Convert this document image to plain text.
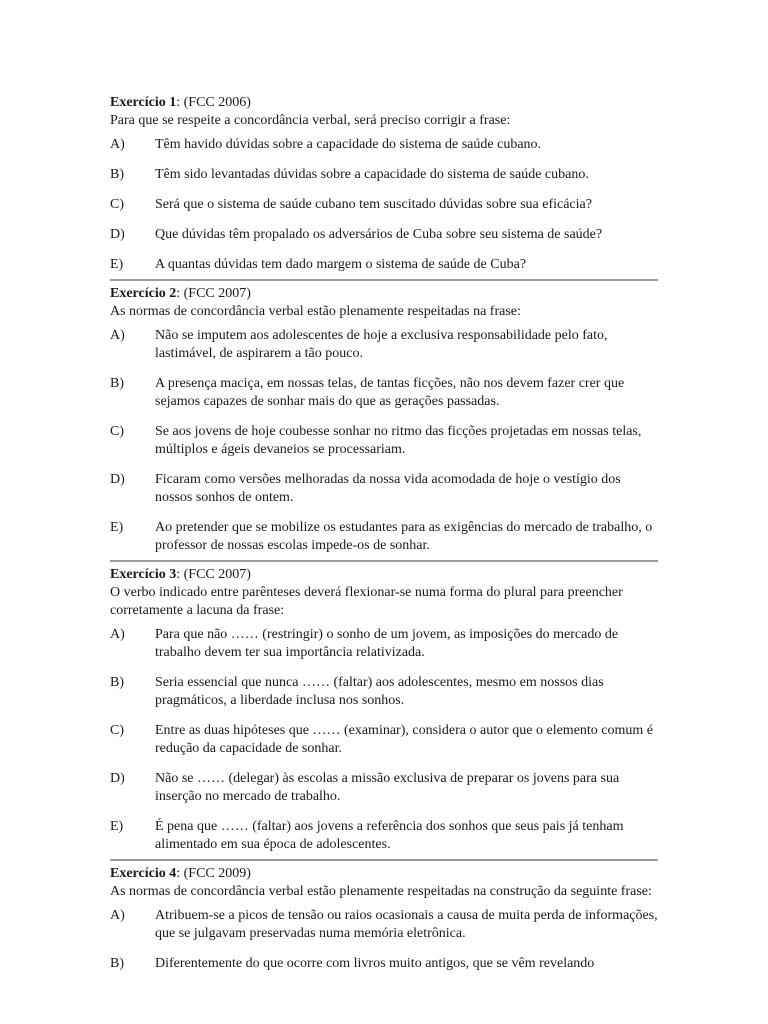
Exercício 1: (FCC 2006)
Para que se respeite a concordância verbal, será preciso corrigir a frase:
A)	Têm havido dúvidas sobre a capacidade do sistema de saúde cubano.
B)	Têm sido levantadas dúvidas sobre a capacidade do sistema de saúde cubano.
C)	Será que o sistema de saúde cubano tem suscitado dúvidas sobre sua eficácia?
D)	Que dúvidas têm propalado os adversários de Cuba sobre seu sistema de saúde?
E)	A quantas dúvidas tem dado margem o sistema de saúde de Cuba?
Exercício 2: (FCC 2007)
As normas de concordância verbal estão plenamente respeitadas na frase:
A)	Não se imputem aos adolescentes de hoje a exclusiva responsabilidade pelo fato, lastimável, de aspirarem a tão pouco.
B)	A presença maciça, em nossas telas, de tantas ficções, não nos devem fazer crer que sejamos capazes de sonhar mais do que as gerações passadas.
C)	Se aos jovens de hoje coubesse sonhar no ritmo das ficções projetadas em nossas telas, múltiplos e ágeis devaneios se processariam.
D)	Ficaram como versões melhoradas da nossa vida acomodada de hoje o vestígio dos nossos sonhos de ontem.
E)	Ao pretender que se mobilize os estudantes para as exigências do mercado de trabalho, o professor de nossas escolas impede-os de sonhar.
Exercício 3: (FCC 2007)
O verbo indicado entre parênteses deverá flexionar-se numa forma do plural para preencher corretamente a lacuna da frase:
A)	Para que não …… (restringir) o sonho de um jovem, as imposições do mercado de trabalho devem ter sua importância relativizada.
B)	Seria essencial que nunca …… (faltar) aos adolescentes, mesmo em nossos dias pragmáticos, a liberdade inclusa nos sonhos.
C)	Entre as duas hipóteses que …… (examinar), considera o autor que o elemento comum é redução da capacidade de sonhar.
D)	Não se …… (delegar) às escolas a missão exclusiva de preparar os jovens para sua inserção no mercado de trabalho.
E)	É pena que …… (faltar) aos jovens a referência dos sonhos que seus pais já tenham alimentado em sua época de adolescentes.
Exercício 4: (FCC 2009)
As normas de concordância verbal estão plenamente respeitadas na construção da seguinte frase:
A)	Atribuem-se a picos de tensão ou raios ocasionais a causa de muita perda de informações, que se julgavam preservadas numa memória eletrônica.
B)	Diferentemente do que ocorre com livros muito antigos, que se vêm revelando
